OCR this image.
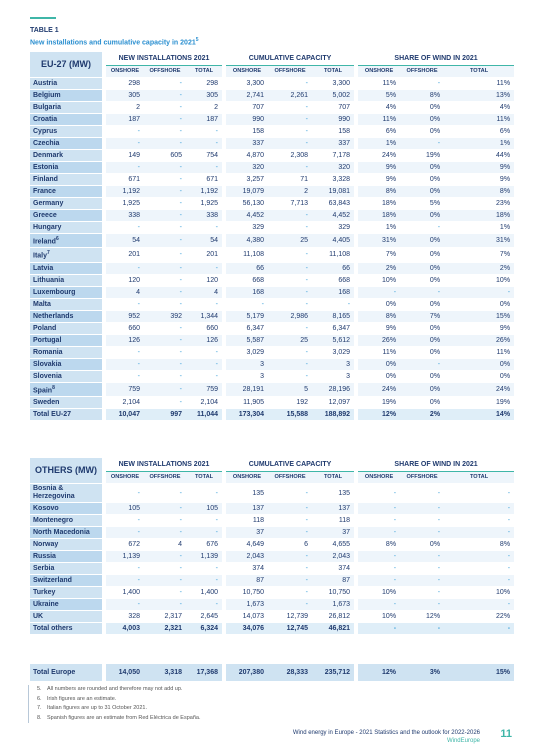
TABLE 1
New installations and cumulative capacity in 2021$^5$
EU-27 (MW)		NEW INSTALLATIONS 2021				CUMULATIVE CAPACITY				SHARE OF WIND IN 2021		
		ONSHORE	OFFSHORE	TOTAL		ONSHORE	OFFSHORE	TOTAL		ONSHORE	OFFSHORE	TOTAL
Austria		298	-	298		3,300	-	3,300		11%	-	11%
Belgium		305	-	305		2,741	2,261	5,002		5%	8%	13%
Bulgaria		2	-	2		707	-	707		4%	0%	4%
Croatia		187	-	187		990	-	990		11%	0%	11%
Cyprus		-	-	-		158	-	158		6%	0%	6%
Czechia		-	-	-		337	-	337		1%	-	1%
Denmark		149	605	754		4,870	2,308	7,178		24%	19%	44%
Estonia		-	-	-		320	-	320		9%	0%	9%
Finland		671	-	671		3,257	71	3,328		9%	0%	9%
France		1,192	-	1,192		19,079	2	19,081		8%	0%	8%
Germany		1,925	-	1,925		56,130	7,713	63,843		18%	5%	23%
Greece		338	-	338		4,452	-	4,452		18%	0%	18%
Hungary		-	-	-		329	-	329		1%	-	1%
Ireland$^6$		54	-	54		4,380	25	4,405		31%	0%	31%
Italy$^7$		201	-	201		11,108	-	11,108		7%	0%	7%
Latvia		-	-	-		66	-	66		2%	0%	2%
Lithuania		120	-	120		668	-	668		10%	0%	10%
Luxembourg		4	-	4		168	-	168		-	-	-
Malta		-	-	-		-	-	-		0%	0%	0%
Netherlands		952	392	1,344		5,179	2,986	8,165		8%	7%	15%
Poland		660	-	660		6,347	-	6,347		9%	0%	9%
Portugal		126	-	126		5,587	25	5,612		26%	0%	26%
Romania		-	-	-		3,029	-	3,029		11%	0%	11%
Slovakia		-	-	-		3	-	3		0%	-	0%
Slovenia		-	-	-		3	-	3		0%	0%	0%
Spain$^8$		759	-	759		28,191	5	28,196		24%	0%	24%
Sweden		2,104	-	2,104		11,905	192	12,097		19%	0%	19%
Total EU-27		10,047	997	11,044		173,304	15,588	188,892		12%	2%	14%
OTHERS (MW)		NEW INSTALLATIONS 2021				CUMULATIVE CAPACITY				SHARE OF WIND IN 2021		
		ONSHORE	OFFSHORE	TOTAL		ONSHORE	OFFSHORE	TOTAL		ONSHORE	OFFSHORE	TOTAL
Bosnia & Herzegovina		-	-	-		135	-	135		-	-	-
Kosovo		105	-	105		137	-	137		-	-	-
Montenegro		-	-	-		118	-	118		-	-	-
North Macedonia		-	-	-		37	-	37		-	-	-
Norway		672	4	676		4,649	6	4,655		8%	0%	8%
Russia		1,139	-	1,139		2,043	-	2,043		-	-	-
Serbia		-	-	-		374	-	374		-	-	-
Switzerland		-	-	-		87	-	87		-	-	-
Turkey		1,400	-	1,400		10,750	-	10,750		10%	-	10%
Ukraine		-	-	-		1,673	-	1,673		-	-	-
UK		328	2,317	2,645		14,073	12,739	26,812		10%	12%	22%
Total others		4,003	2,321	6,324		34,076	12,745	46,821		-	-	-
Total Europe		14,050	3,318	17,368		207,380	28,333	235,712		12%	3%	15%
5. All numbers are rounded and therefore may not add up.
6. Irish figures are an estimate.
7. Italian figures are up to 31 October 2021.
8. Spanish figures are an estimate from Red Eléctrica de España.
Wind energy in Europe - 2021 Statistics and the outlook for 2022-2026
WindEurope
11
